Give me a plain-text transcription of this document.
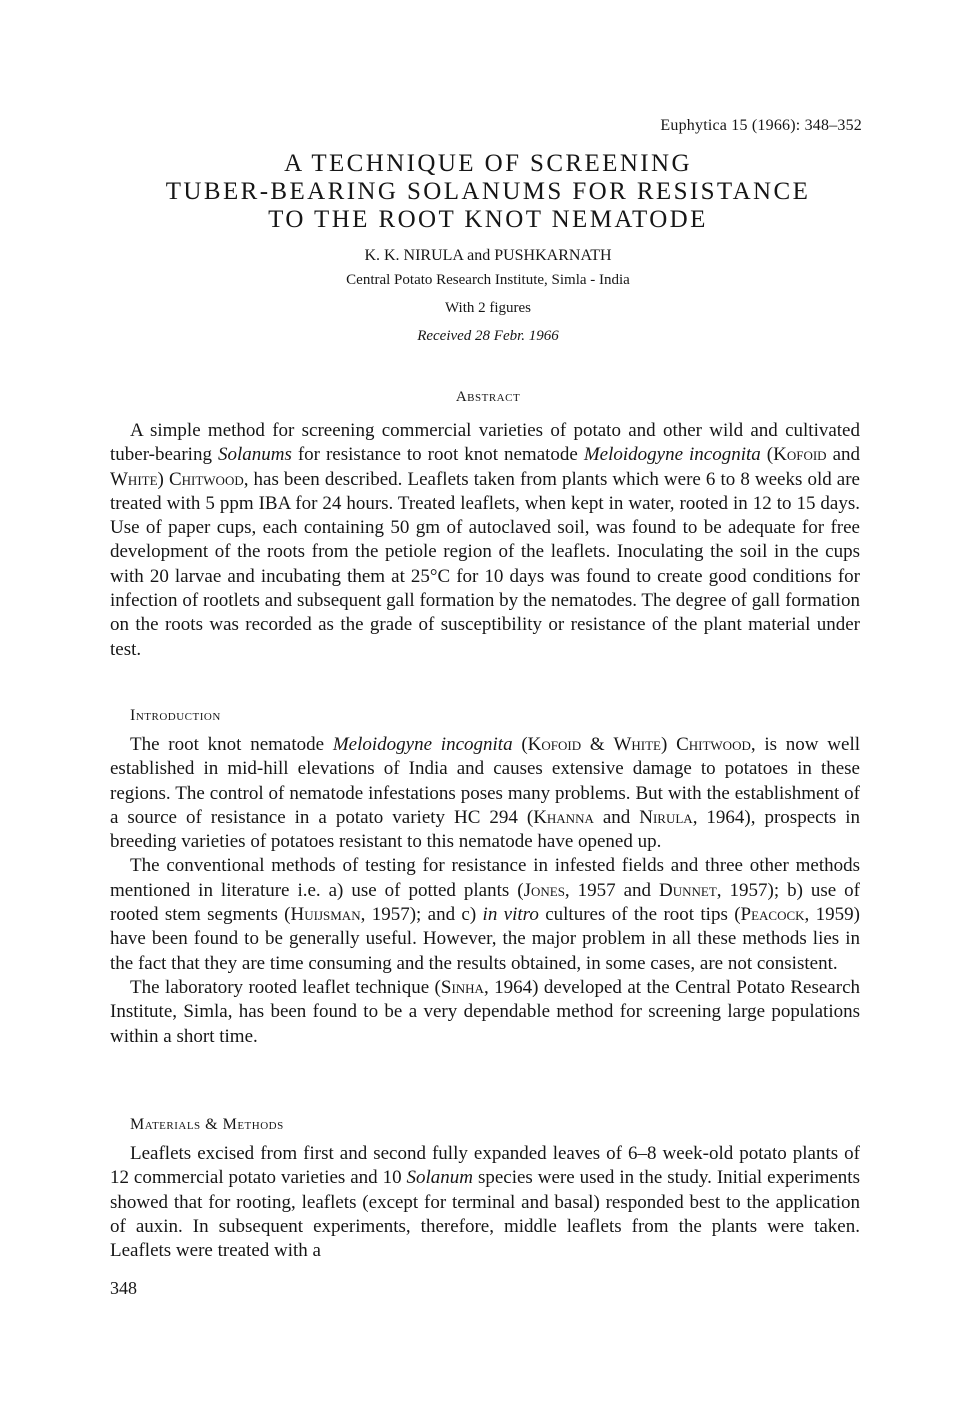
Euphytica 15 (1966): 348–352
A TECHNIQUE OF SCREENING
TUBER-BEARING SOLANUMS FOR RESISTANCE
TO THE ROOT KNOT NEMATODE
K. K. NIRULA and PUSHKARNATH
Central Potato Research Institute, Simla - India
With 2 figures
Received 28 Febr. 1966
Abstract

A simple method for screening commercial varieties of potato and other wild and cultivated tuber-bearing Solanums for resistance to root knot nematode Meloidogyne incognita (Kofoid and White) Chitwood, has been described. Leaflets taken from plants which were 6 to 8 weeks old are treated with 5 ppm IBA for 24 hours. Treated leaflets, when kept in water, rooted in 12 to 15 days. Use of paper cups, each containing 50 gm of autoclaved soil, was found to be adequate for free development of the roots from the petiole region of the leaflets. Inoculating the soil in the cups with 20 larvae and incubating them at 25°C for 10 days was found to create good conditions for infection of rootlets and subsequent gall formation by the nematodes. The degree of gall formation on the roots was recorded as the grade of susceptibility or resistance of the plant material under test.

Introduction

The root knot nematode Meloidogyne incognita (Kofoid & White) Chitwood, is now well established in mid-hill elevations of India and causes extensive damage to potatoes in these regions. The control of nematode infestations poses many problems. But with the establishment of a source of resistance in a potato variety HC 294 (Khanna and Nirula, 1964), prospects in breeding varieties of potatoes resistant to this nematode have opened up.

The conventional methods of testing for resistance in infested fields and three other methods mentioned in literature i.e. a) use of potted plants (Jones, 1957 and Dunnet, 1957); b) use of rooted stem segments (Huijsman, 1957); and c) in vitro cultures of the root tips (Peacock, 1959) have been found to be generally useful. However, the major problem in all these methods lies in the fact that they are time consuming and the results obtained, in some cases, are not consistent.

The laboratory rooted leaflet technique (Sinha, 1964) developed at the Central Potato Research Institute, Simla, has been found to be a very dependable method for screening large populations within a short time.

Materials & Methods

Leaflets excised from first and second fully expanded leaves of 6–8 week-old potato plants of 12 commercial potato varieties and 10 Solanum species were used in the study. Initial experiments showed that for rooting, leaflets (except for terminal and basal) responded best to the application of auxin. In subsequent experiments, therefore, middle leaflets from the plants were taken. Leaflets were treated with a

348
